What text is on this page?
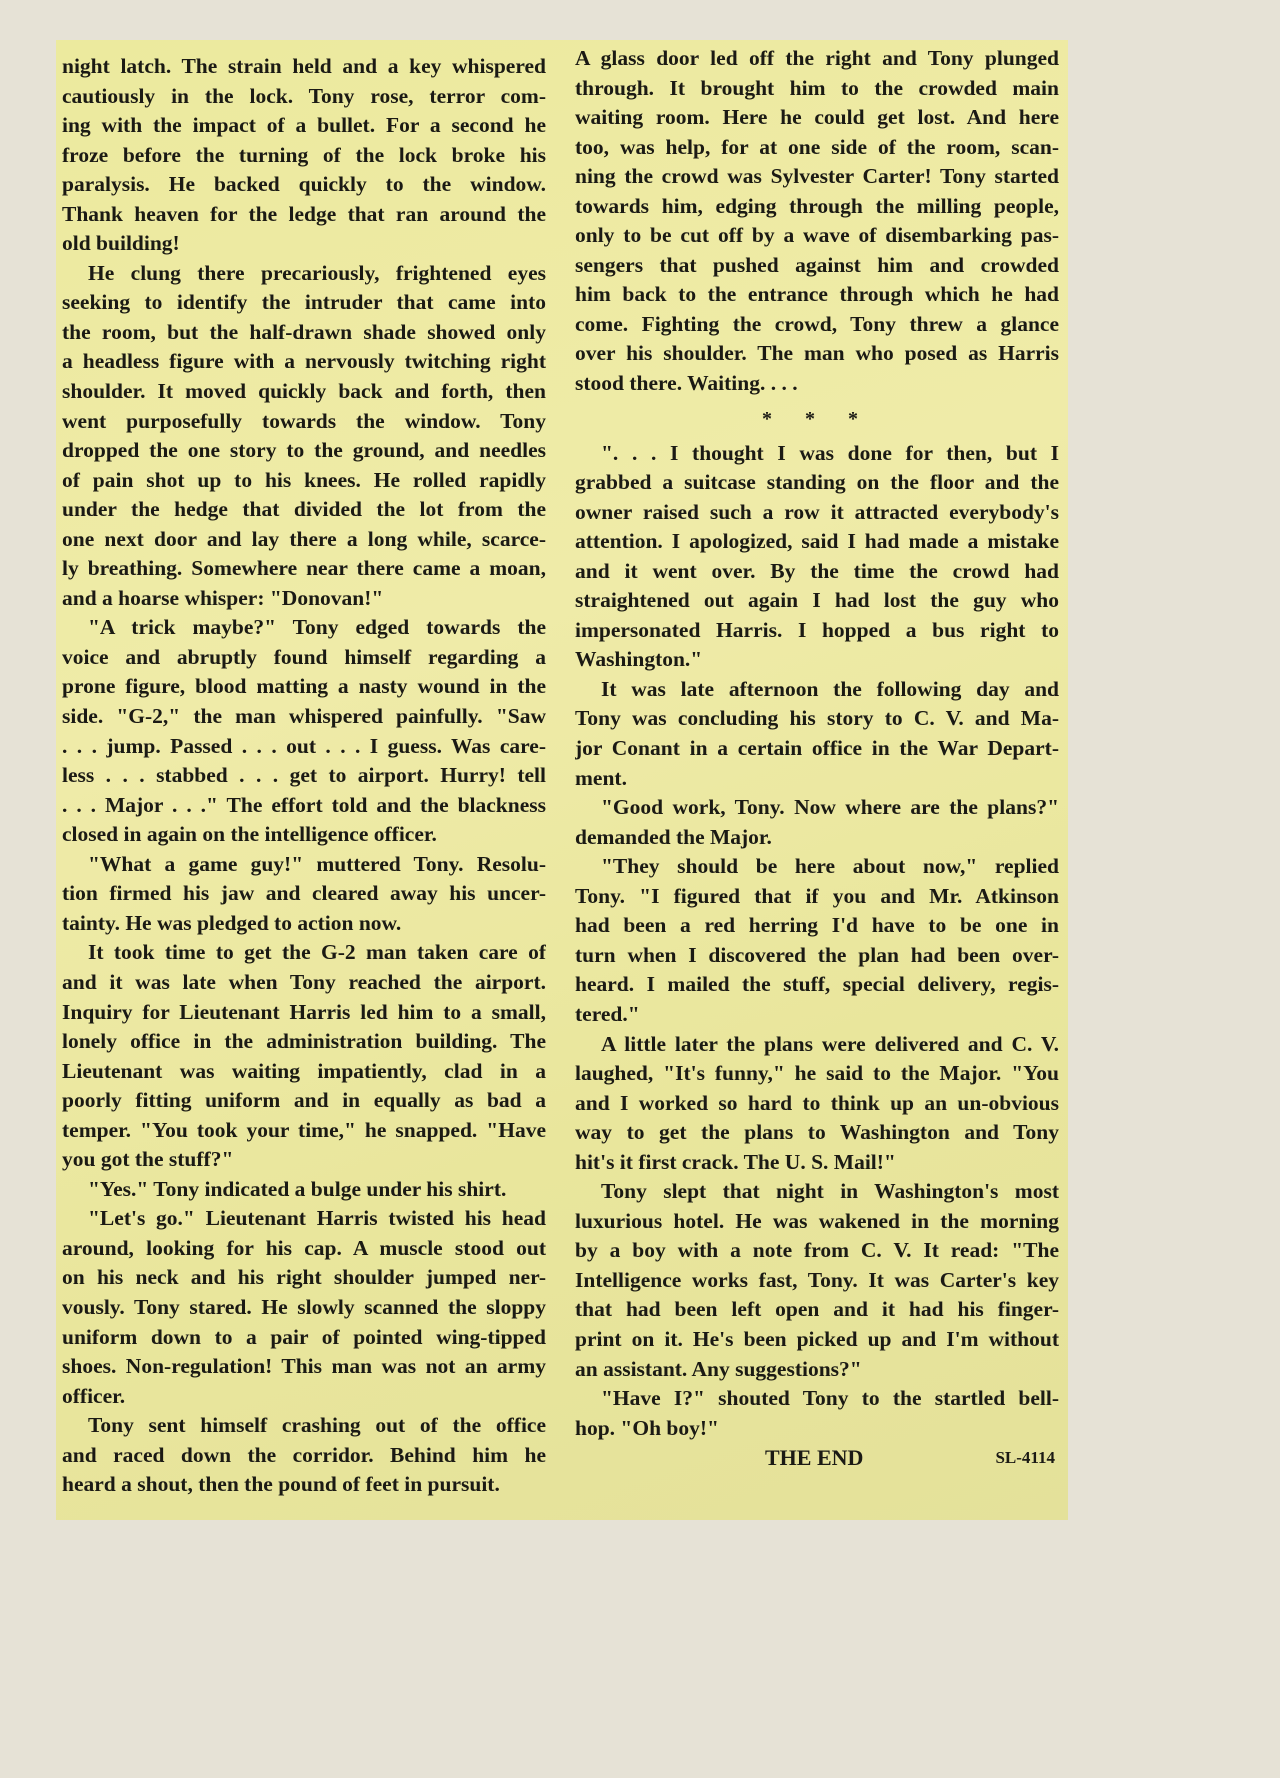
night latch. The strain held and a key whispered
cautiously in the lock. Tony rose, terror com-
ing with the impact of a bullet. For a second he
froze before the turning of the lock broke his
paralysis. He backed quickly to the window.
Thank heaven for the ledge that ran around the
old building!
He clung there precariously, frightened eyes
seeking to identify the intruder that came into
the room, but the half-drawn shade showed only
a headless figure with a nervously twitching right
shoulder. It moved quickly back and forth, then
went purposefully towards the window. Tony
dropped the one story to the ground, and needles
of pain shot up to his knees. He rolled rapidly
under the hedge that divided the lot from the
one next door and lay there a long while, scarce-
ly breathing. Somewhere near there came a moan,
and a hoarse whisper: "Donovan!"
"A trick maybe?" Tony edged towards the
voice and abruptly found himself regarding a
prone figure, blood matting a nasty wound in the
side. "G-2," the man whispered painfully. "Saw
. . . jump. Passed . . . out . . . I guess. Was care-
less . . . stabbed . . . get to airport. Hurry! tell
. . . Major . . ." The effort told and the blackness
closed in again on the intelligence officer.
"What a game guy!" muttered Tony. Resolu-
tion firmed his jaw and cleared away his uncer-
tainty. He was pledged to action now.
It took time to get the G-2 man taken care of
and it was late when Tony reached the airport.
Inquiry for Lieutenant Harris led him to a small,
lonely office in the administration building. The
Lieutenant was waiting impatiently, clad in a
poorly fitting uniform and in equally as bad a
temper. "You took your time," he snapped. "Have
you got the stuff?"
"Yes." Tony indicated a bulge under his shirt.
"Let's go." Lieutenant Harris twisted his head
around, looking for his cap. A muscle stood out
on his neck and his right shoulder jumped ner-
vously. Tony stared. He slowly scanned the sloppy
uniform down to a pair of pointed wing-tipped
shoes. Non-regulation! This man was not an army
officer.
Tony sent himself crashing out of the office
and raced down the corridor. Behind him he
heard a shout, then the pound of feet in pursuit.
A glass door led off the right and Tony plunged
through. It brought him to the crowded main
waiting room. Here he could get lost. And here
too, was help, for at one side of the room, scan-
ning the crowd was Sylvester Carter! Tony started
towards him, edging through the milling people,
only to be cut off by a wave of disembarking pas-
sengers that pushed against him and crowded
him back to the entrance through which he had
come. Fighting the crowd, Tony threw a glance
over his shoulder. The man who posed as Harris
stood there. Waiting. . . .
* * *
". . . I thought I was done for then, but I
grabbed a suitcase standing on the floor and the
owner raised such a row it attracted everybody's
attention. I apologized, said I had made a mistake
and it went over. By the time the crowd had
straightened out again I had lost the guy who
impersonated Harris. I hopped a bus right to
Washington."
It was late afternoon the following day and
Tony was concluding his story to C. V. and Ma-
jor Conant in a certain office in the War Depart-
ment.
"Good work, Tony. Now where are the plans?"
demanded the Major.
"They should be here about now," replied
Tony. "I figured that if you and Mr. Atkinson
had been a red herring I'd have to be one in
turn when I discovered the plan had been over-
heard. I mailed the stuff, special delivery, regis-
tered."
A little later the plans were delivered and C. V.
laughed, "It's funny," he said to the Major. "You
and I worked so hard to think up an un-obvious
way to get the plans to Washington and Tony
hit's it first crack. The U. S. Mail!"
Tony slept that night in Washington's most
luxurious hotel. He was wakened in the morning
by a boy with a note from C. V. It read: "The
Intelligence works fast, Tony. It was Carter's key
that had been left open and it had his finger-
print on it. He's been picked up and I'm without
an assistant. Any suggestions?"
"Have I?" shouted Tony to the startled bell-
hop. "Oh boy!"
THE END	SL-4114
